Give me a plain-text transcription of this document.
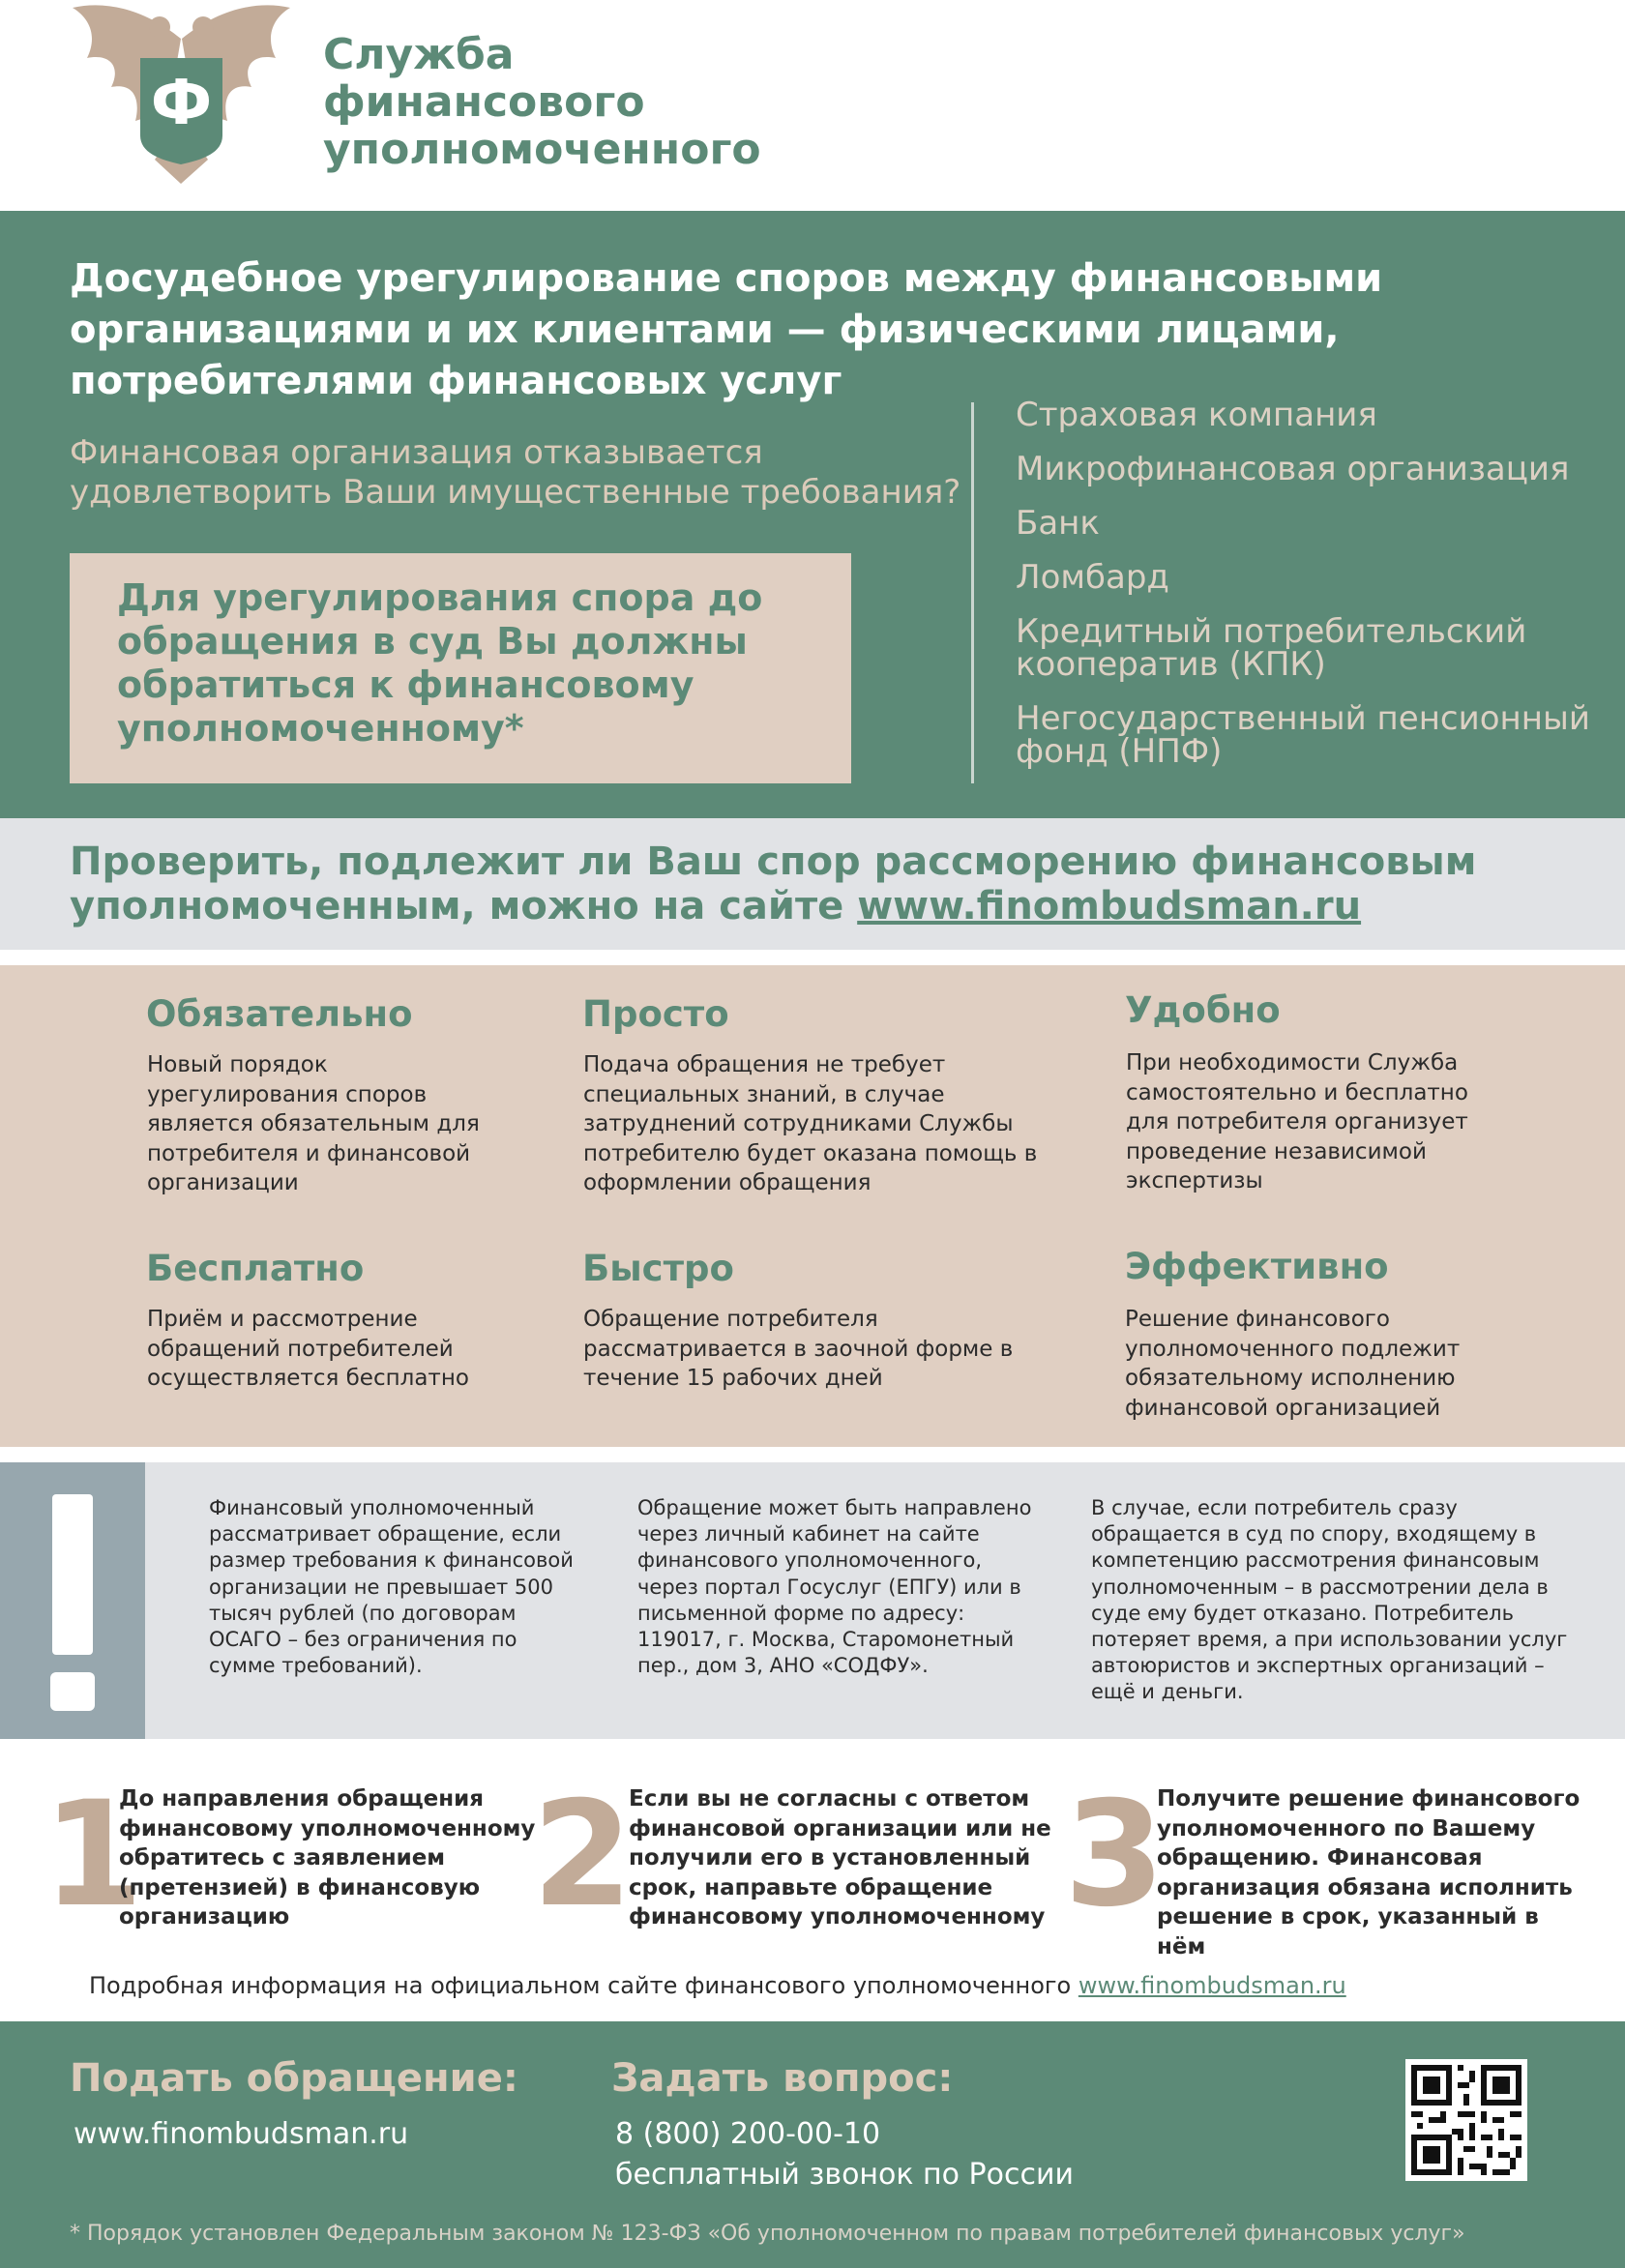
Ф
Служба
финансового
уполномоченного
Досудебное урегулирование споров между финансовыми организациями и их клиентами — физическими лицами, потребителями финансовых услуг
Финансовая организация отказывается удовлетворить Ваши имущественные требования?
Для урегулирования спора до обращения в суд Вы должны обратиться к финансовому уполномоченному*
Страховая компания
Микрофинансовая организация
Банк
Ломбард
Кредитный потребительский кооператив (КПК)
Негосударственный пенсионный фонд (НПФ)
Проверить, подлежит ли Ваш спор рассморению финансовым уполномоченным, можно на сайте www.finombudsman.ru
Обязательно
Новый порядок урегулирования споров является обязательным для потребителя и финансовой организации
Просто
Подача обращения не требует специальных знаний, в случае затруднений сотрудниками Службы потребителю будет оказана помощь в оформлении обращения
Удобно
При необходимости Служба самостоятельно и бесплатно для потребителя организует проведение независимой экспертизы
Бесплатно
Приём и рассмотрение обращений потребителей осуществляется бесплатно
Быстро
Обращение потребителя рассматривается в заочной форме в течение 15 рабочих дней
Эффективно
Решение финансового уполномоченного подлежит обязательному исполнению финансовой организацией
Финансовый уполномоченный рассматривает обращение, если размер требования к финансовой организации не превышает 500 тысяч рублей (по договорам ОСАГО – без ограничения по сумме требований).
Обращение может быть направлено через личный кабинет на сайте финансового уполномоченного, через портал Госуслуг (ЕПГУ) или в письменной форме по адресу: 119017, г. Москва, Старомонетный пер., дом 3, АНО «СОДФУ».
В случае, если потребитель сразу обращается в суд по спору, входящему в компетенцию рассмотрения финансовым уполномоченным – в рассмотрении дела в суде ему будет отказано. Потребитель потеряет время, а при использовании услуг автоюристов и экспертных организаций – ещё и деньги.
1
До направления обращения финансовому уполномоченному обратитесь с заявлением (претензией) в финансовую организацию	2
Если вы не согласны с ответом финансовой организации или не получили его в установленный срок, направьте обращение финансовому уполномоченному 3
Получите решение финансового уполномоченного по Вашему обращению. Финансовая организация обязана исполнить решение в срок, указанный в нём
Подробная информация на официальном сайте финансового уполномоченного www.finombudsman.ru
Подать обращение:
www.finombudsman.ru
Задать вопрос:
8 (800) 200-00-10
бесплатный звонок по России
* Порядок установлен Федеральным законом № 123-ФЗ «Об уполномоченном по правам потребителей финансовых услуг»
